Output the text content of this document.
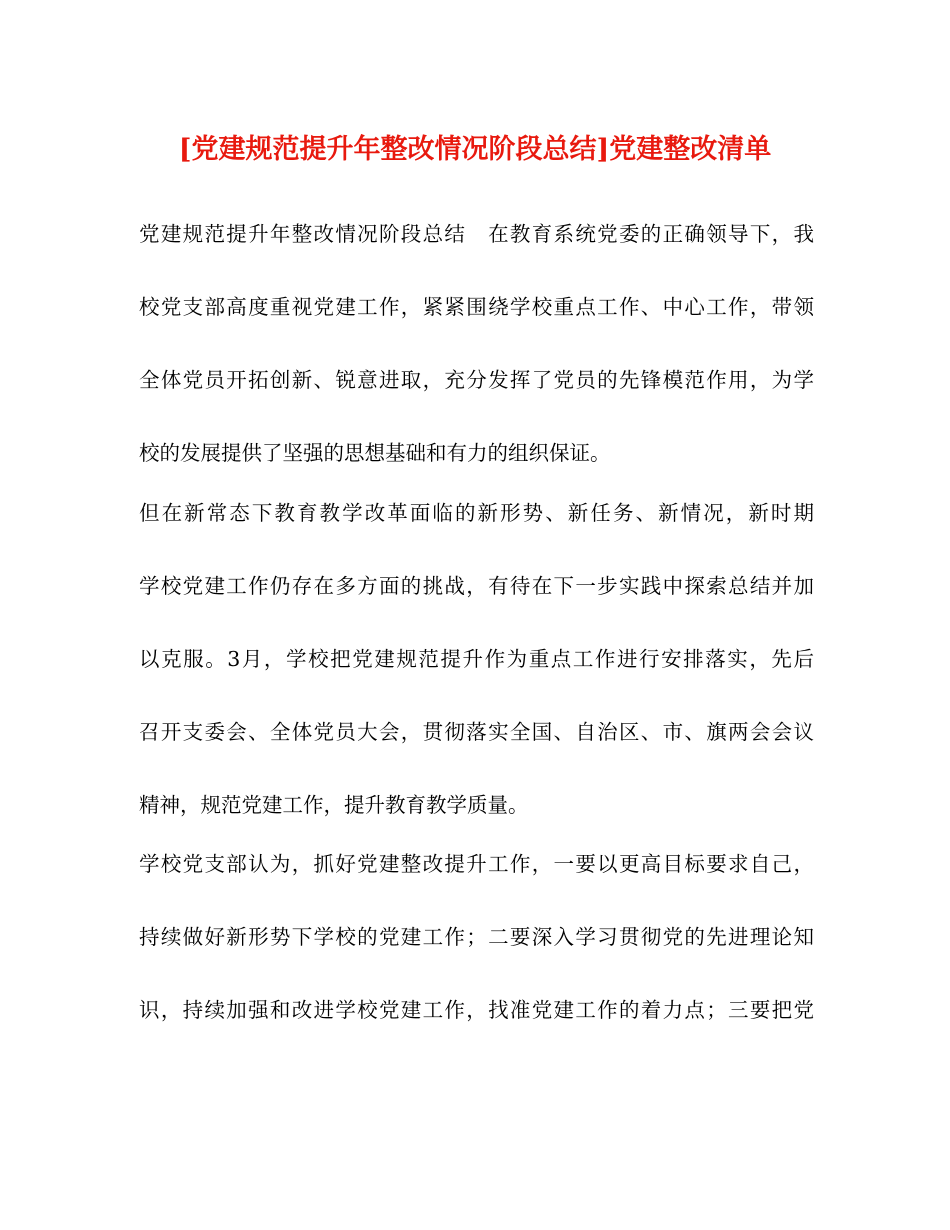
[党建规范提升年整改情况阶段总结]党建整改清单
党建规范提升年整改情况阶段总结　在教育系统党委的正确领导下，我
校党支部高度重视党建工作，紧紧围绕学校重点工作、中心工作，带领
全体党员开拓创新、锐意进取，充分发挥了党员的先锋模范作用，为学
校的发展提供了坚强的思想基础和有力的组织保证。
但在新常态下教育教学改革面临的新形势、新任务、新情况，新时期
学校党建工作仍存在多方面的挑战，有待在下一步实践中探索总结并加
以克服。3月，学校把党建规范提升作为重点工作进行安排落实，先后
召开支委会、全体党员大会，贯彻落实全国、自治区、市、旗两会会议
精神，规范党建工作，提升教育教学质量。
学校党支部认为，抓好党建整改提升工作，一要以更高目标要求自己，
持续做好新形势下学校的党建工作；二要深入学习贯彻党的先进理论知
识，持续加强和改进学校党建工作，找准党建工作的着力点；三要把党
